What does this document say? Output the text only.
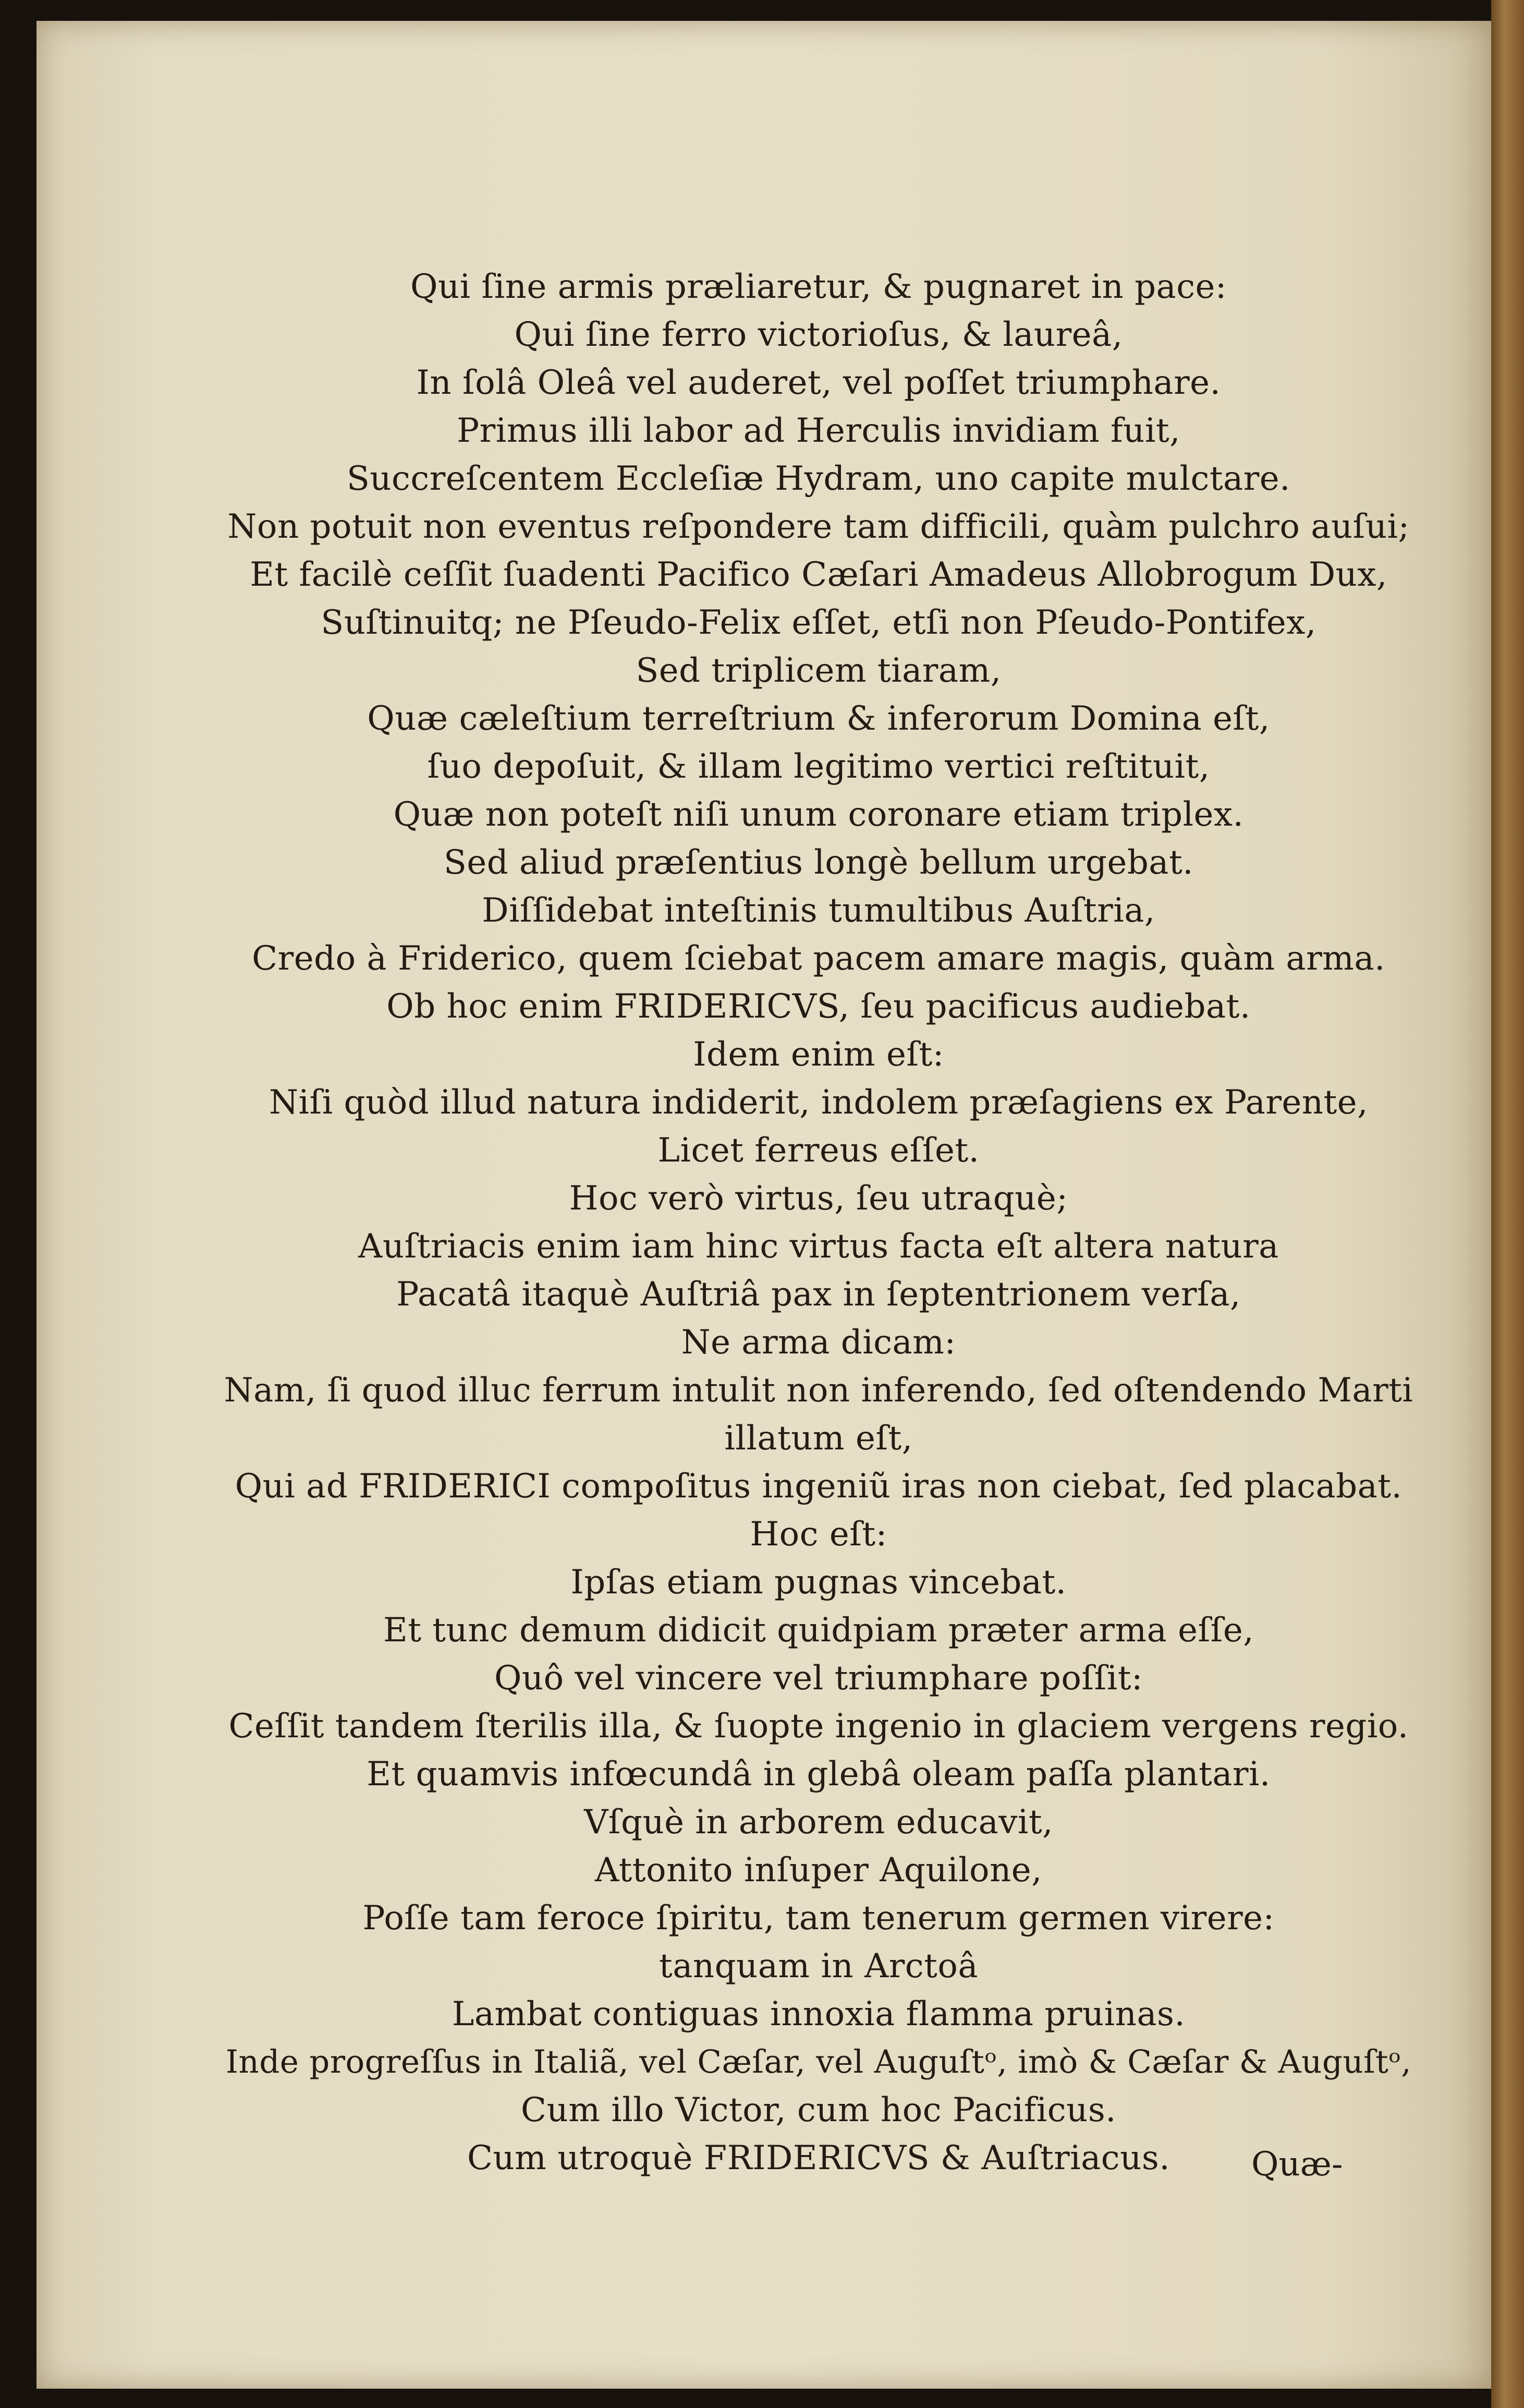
Qui ſine armis præliaretur, & pugnaret in pace:
Qui ſine ferro victorioſus, & laureâ,
In ſolâ Oleâ vel auderet, vel poſſet triumphare.
Primus illi labor ad Herculis invidiam fuit,
Succreſcentem Eccleſiæ Hydram, uno capite mulctare.
Non potuit non eventus reſpondere tam difficili, quàm pulchro auſui;
Et facilè ceſſit ſuadenti Pacifico Cæſari Amadeus Allobrogum Dux,
Suſtinuitq; ne Pſeudo-Felix eſſet, etſi non Pſeudo-Pontifex,
Sed triplicem tiaram,
Quæ cæleſtium terreſtrium & inferorum Domina eſt,
ſuo depoſuit, & illam legitimo vertici reſtituit,
Quæ non poteſt niſi unum coronare etiam triplex.
Sed aliud præſentius longè bellum urgebat.
Diſſidebat inteſtinis tumultibus Auſtria,
Credo à Friderico, quem ſciebat pacem amare magis, quàm arma.
Ob hoc enim FRIDERICVS, ſeu pacificus audiebat.
Idem enim eſt:
Niſi quòd illud natura indiderit, indolem præſagiens ex Parente,
Licet ferreus eſſet.
Hoc verò virtus, ſeu utraquè;
Auſtriacis enim iam hinc virtus facta eſt altera natura
Pacatâ itaquè Auſtriâ pax in ſeptentrionem verſa,
Ne arma dicam:
Nam, ſi quod illuc ferrum intulit non inferendo, ſed oſtendendo Marti
illatum eſt,
Qui ad FRIDERICI compoſitus ingeniũ iras non ciebat, ſed placabat.
Hoc eſt:
Ipſas etiam pugnas vincebat.
Et tunc demum didicit quidpiam præter arma eſſe,
Quô vel vincere vel triumphare poſſit:
Ceſſit tandem ſterilis illa, & ſuopte ingenio in glaciem vergens regio.
Et quamvis infœcundâ in glebâ oleam paſſa plantari.
Vſquè in arborem educavit,
Attonito inſuper Aquilone,
Poſſe tam feroce ſpiritu, tam tenerum germen virere:
tanquam in Arctoâ
Lambat contiguas innoxia flamma pruinas.
Inde progreſſus in Italiã, vel Cæſar, vel Auguſtᵒ, imò & Cæſar & Auguſtᵒ,
Cum illo Victor, cum hoc Pacificus.
Cum utroquè FRIDERICVS & Auſtriacus.	Quæ-
